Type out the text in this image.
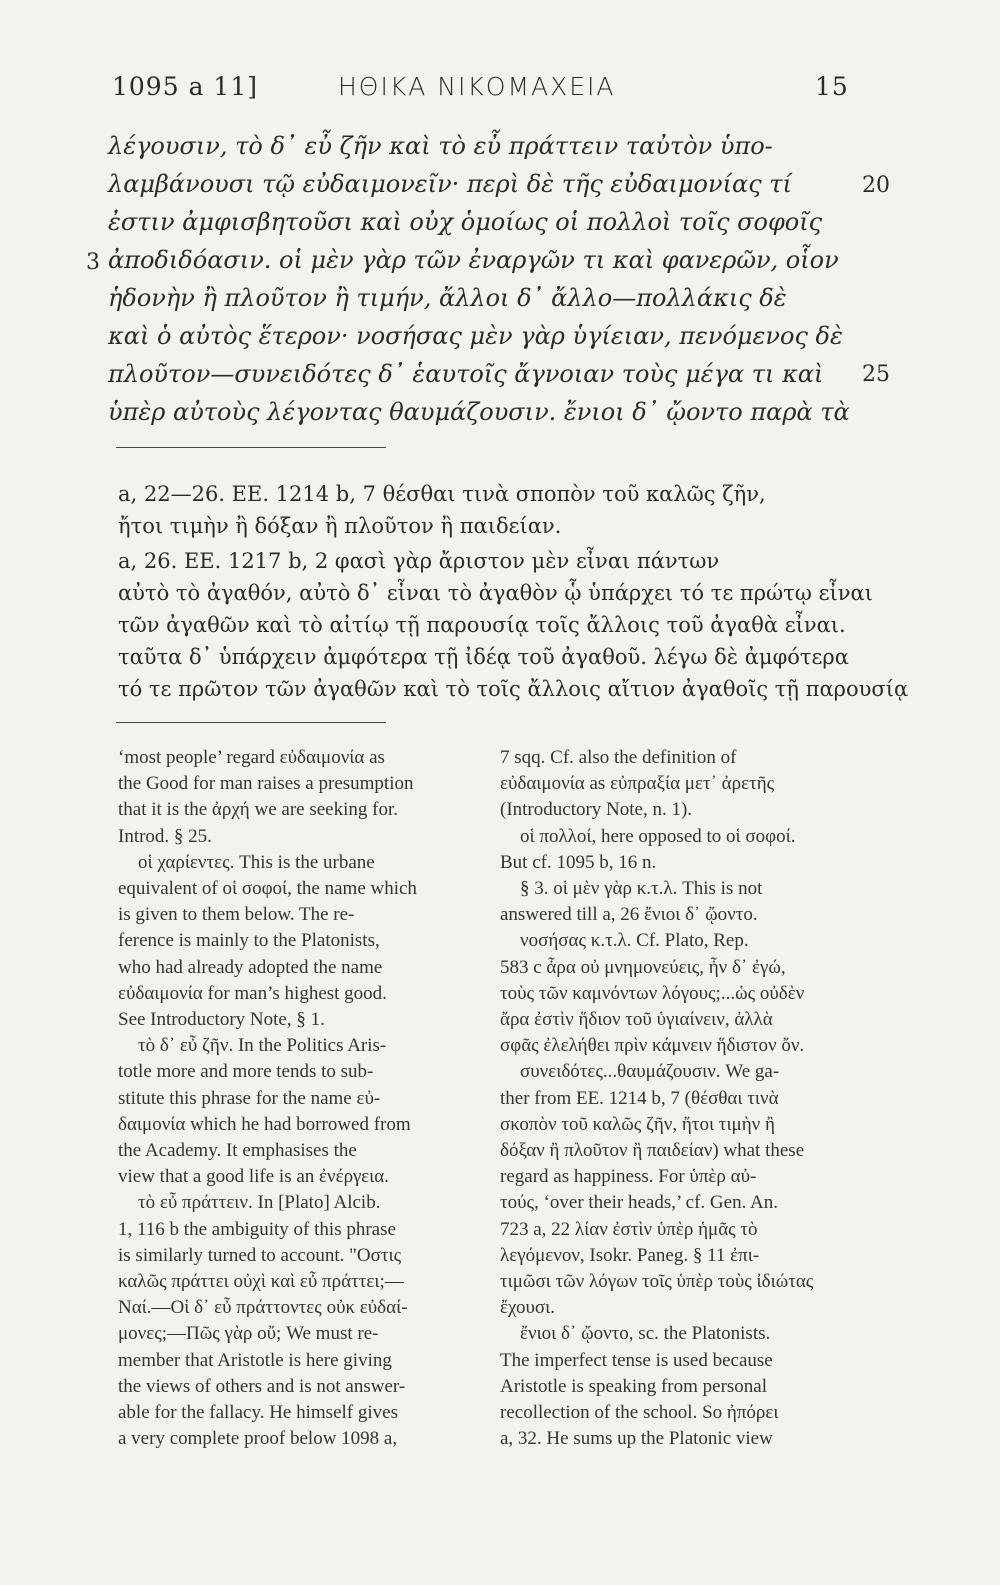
1095 a 11]	ΗΘΙΚΑ ΝΙΚΟΜΑΧΕΙΑ	15
λέγουσιν, τὸ δ᾽ εὖ ζῆν καὶ τὸ εὖ πράττειν ταὐτὸν ὑπο-
λαμβάνουσι τῷ εὐδαιμονεῖν· περὶ δὲ τῆς εὐδαιμονίας τί
ἐστιν ἀμφισβητοῦσι καὶ οὐχ ὁμοίως οἱ πολλοὶ τοῖς σοφοῖς
ἀποδιδόασιν. οἱ μὲν γὰρ τῶν ἐναργῶν τι καὶ φανερῶν, οἷον
ἡδονὴν ἢ πλοῦτον ἢ τιμήν, ἄλλοι δ᾽ ἄλλο—πολλάκις δὲ
καὶ ὁ αὐτὸς ἕτερον· νοσήσας μὲν γὰρ ὑγίειαν, πενόμενος δὲ
πλοῦτον—συνειδότες δ᾽ ἑαυτοῖς ἄγνοιαν τοὺς μέγα τι καὶ
ὑπὲρ αὐτοὺς λέγοντας θαυμάζουσιν. ἔνιοι δ᾽ ᾤοντο παρὰ τὰ
3
20
25
a, 22—26. EE. 1214 b, 7 θέσθαι τινὰ σποπὸν τοῦ καλῶς ζῆν,
ἤτοι τιμὴν ἢ δόξαν ἢ πλοῦτον ἢ παιδείαν.
a, 26. EE. 1217 b, 2 φασὶ γὰρ ἄριστον μὲν εἶναι πάντων
αὐτὸ τὸ ἀγαθόν, αὐτὸ δ᾽ εἶναι τὸ ἀγαθὸν ᾧ ὑπάρχει τό τε πρώτῳ εἶναι
τῶν ἀγαθῶν καὶ τὸ αἰτίῳ τῇ παρουσίᾳ τοῖς ἄλλοις τοῦ ἀγαθὰ εἶναι.
ταῦτα δ᾽ ὑπάρχειν ἀμφότερα τῇ ἰδέᾳ τοῦ ἀγαθοῦ. λέγω δὲ ἀμφότερα
τό τε πρῶτον τῶν ἀγαθῶν καὶ τὸ τοῖς ἄλλοις αἴτιον ἀγαθοῖς τῇ παρουσίᾳ

‘most people’ regard εὐδαιμονία as

the Good for man raises a presumption

that it is the ἀρχή we are seeking for.

Introd. § 25.

οἱ χαρίεντες. This is the urbane

equivalent of οἱ σοφοί, the name which

is given to them below. The re-

ference is mainly to the Platonists,

who had already adopted the name

εὐδαιμονία for man’s highest good.

See Introductory Note, § 1.

τὸ δ᾽ εὖ ζῆν. In the Politics Aris-

totle more and more tends to sub-

stitute this phrase for the name εὐ-

δαιμονία which he had borrowed from

the Academy. It emphasises the

view that a good life is an ἐνέργεια.

τὸ εὖ πράττειν. In [Plato] Alcib.

1, 116 b the ambiguity of this phrase

is similarly turned to account. "Οστις

καλῶς πράττει οὐχὶ καὶ εὖ πράττει;—

Ναί.—Οἱ δ᾽ εὖ πράττοντες οὐκ εὐδαί-

μονες;—Πῶς γὰρ οὔ; We must re-

member that Aristotle is here giving

the views of others and is not answer-

able for the fallacy. He himself gives

a very complete proof below 1098 a,

7 sqq. Cf. also the definition of

εὐδαιμονία as εὐπραξία μετ᾽ ἀρετῆς

(Introductory Note, n. 1).

οἱ πολλοί, here opposed to οἱ σοφοί.

But cf. 1095 b, 16 n.

§ 3. οἱ μὲν γὰρ κ.τ.λ. This is not

answered till a, 26 ἔνιοι δ᾽ ᾤοντο.

νοσήσας κ.τ.λ. Cf. Plato, Rep.

583 c ἆρα οὐ μνημονεύεις, ἦν δ᾽ ἐγώ,

τοὺς τῶν καμνόντων λόγους;...ὡς οὐδὲν

ἄρα ἐστὶν ἥδιον τοῦ ὑγιαίνειν, ἀλλὰ

σφᾶς ἐλελήθει πρὶν κάμνειν ἥδιστον ὄν.

συνειδότες...θαυμάζουσιν. We ga-

ther from EE. 1214 b, 7 (θέσθαι τινὰ

σκοπὸν τοῦ καλῶς ζῆν, ἤτοι τιμὴν ἢ

δόξαν ἢ πλοῦτον ἢ παιδείαν) what these

regard as happiness. For ὑπὲρ αὐ-

τούς, ‘over their heads,’ cf. Gen. An.

723 a, 22 λίαν ἐστὶν ὑπὲρ ἡμᾶς τὸ

λεγόμενον, Isokr. Paneg. § 11 ἐπι-

τιμῶσι τῶν λόγων τοῖς ὑπὲρ τοὺς ἰδιώτας

ἔχουσι.

ἔνιοι δ᾽ ᾤοντο, sc. the Platonists.

The imperfect tense is used because

Aristotle is speaking from personal

recollection of the school. So ἠπόρει

a, 32. He sums up the Platonic view
